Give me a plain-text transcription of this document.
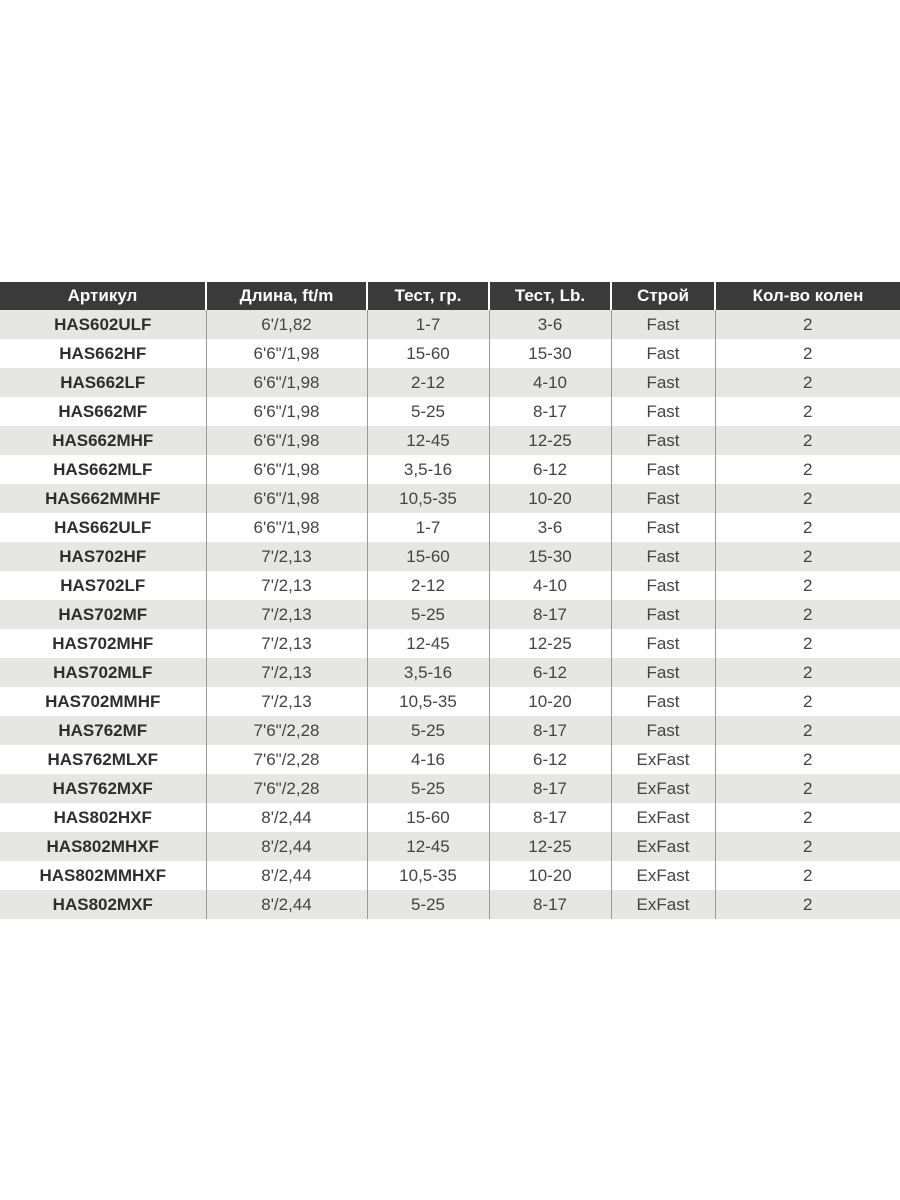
Артикул	Длина, ft/m	Тест, гр.	Тест, Lb.	Строй	Кол-во колен
HAS602ULF	6'/1,82	1-7	3-6	Fast	2
HAS662HF	6'6"/1,98	15-60	15-30	Fast	2
HAS662LF	6'6"/1,98	2-12	4-10	Fast	2
HAS662MF	6'6"/1,98	5-25	8-17	Fast	2
HAS662MHF	6'6"/1,98	12-45	12-25	Fast	2
HAS662MLF	6'6"/1,98	3,5-16	6-12	Fast	2
HAS662MMHF	6'6"/1,98	10,5-35	10-20	Fast	2
HAS662ULF	6'6"/1,98	1-7	3-6	Fast	2
HAS702HF	7'/2,13	15-60	15-30	Fast	2
HAS702LF	7'/2,13	2-12	4-10	Fast	2
HAS702MF	7'/2,13	5-25	8-17	Fast	2
HAS702MHF	7'/2,13	12-45	12-25	Fast	2
HAS702MLF	7'/2,13	3,5-16	6-12	Fast	2
HAS702MMHF	7'/2,13	10,5-35	10-20	Fast	2
HAS762MF	7'6"/2,28	5-25	8-17	Fast	2
HAS762MLXF	7'6"/2,28	4-16	6-12	ExFast	2
HAS762MXF	7'6"/2,28	5-25	8-17	ExFast	2
HAS802HXF	8'/2,44	15-60	8-17	ExFast	2
HAS802MHXF	8'/2,44	12-45	12-25	ExFast	2
HAS802MMHXF	8'/2,44	10,5-35	10-20	ExFast	2
HAS802MXF	8'/2,44	5-25	8-17	ExFast	2
